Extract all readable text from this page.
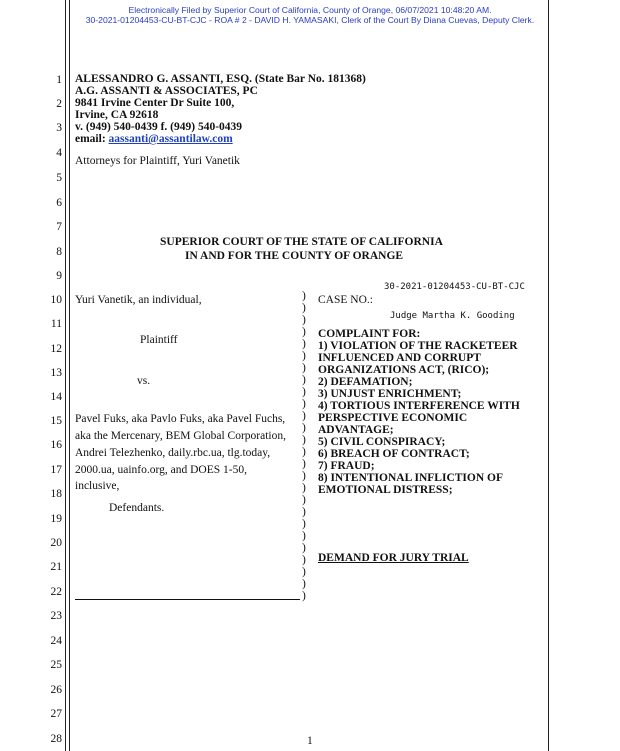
Electronically Filed by Superior Court of California, County of Orange, 06/07/2021 10:48:20 AM.
30-2021-01204453-CU-BT-CJC - ROA # 2 - DAVID H. YAMASAKI, Clerk of the Court By Diana Cuevas, Deputy Clerk.
1
2
3
4
5
6
7
8
9
10
11
12
13
14
15
16
17
18
19
20
21
22
23
24
25
26
27
28
ALESSANDRO G. ASSANTI, ESQ. (State Bar No. 181368)
A.G. ASSANTI & ASSOCIATES, PC
9841 Irvine Center Dr Suite 100,
Irvine, CA 92618
v. (949) 540-0439 f. (949) 540-0439
email: aassanti@assantilaw.com
Attorneys for Plaintiff, Yuri Vanetik
SUPERIOR COURT OF THE STATE OF CALIFORNIA
IN AND FOR THE COUNTY OF ORANGE
30-2021-01204453-CU-BT-CJC
Yuri Vanetik, an individual,
Plaintiff
vs.
Pavel Fuks, aka Pavlo Fuks, aka Pavel Fuchs,
aka the Mercenary, BEM Global Corporation,
Andrei Telezhenko, daily.rbc.ua, tlg.today,
2000.ua, uainfo.org, and DOES 1-50,
inclusive,
Defendants.
)
)
)
)
)
)
)
)
)
)
)
)
)
)
)
)
)
)
)
)
)
)
)
)
)
)
CASE NO.:
Judge Martha K. Gooding
COMPLAINT FOR:
1) VIOLATION OF THE RACKETEER
INFLUENCED AND CORRUPT
ORGANIZATIONS ACT, (RICO);
2) DEFAMATION;
3) UNJUST ENRICHMENT;
4) TORTIOUS INTERFERENCE WITH
PERSPECTIVE ECONOMIC
ADVANTAGE;
5) CIVIL CONSPIRACY;
6) BREACH OF CONTRACT;
7) FRAUD;
8) INTENTIONAL INFLICTION OF
EMOTIONAL DISTRESS;
DEMAND FOR JURY TRIAL
1
